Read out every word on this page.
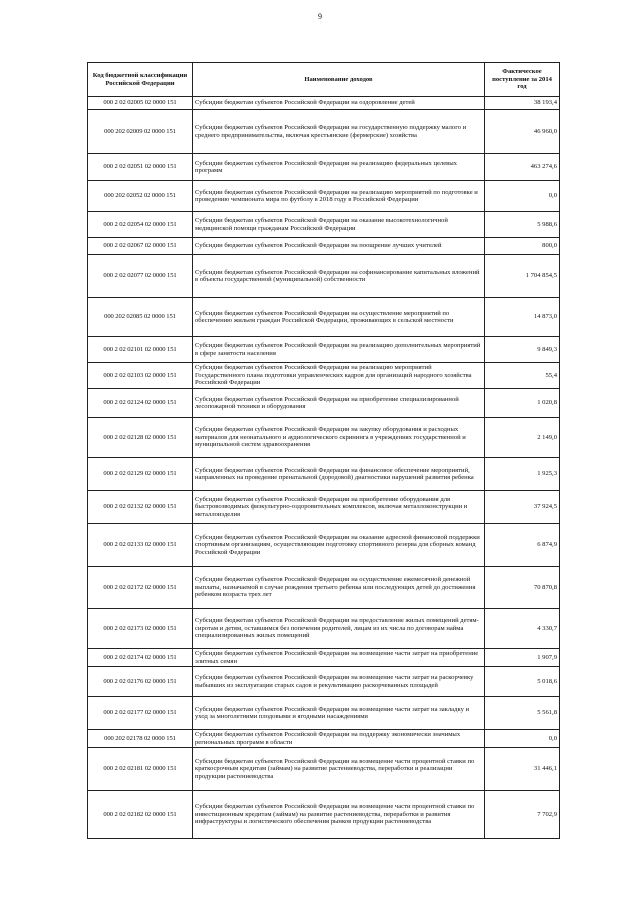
9
Код бюджетной классификации Российской Федерации	Наименование доходов	Фактическое поступление за 2014 год
000 2 02 02005 02 0000 151	Субсидии бюджетам субъектов Российской Федерации на оздоровление детей	38 193,4
000 202 02009 02 0000 151	Субсидии бюджетам субъектов Российской Федерации на государственную поддержку малого и среднего предпринимательства, включая крестьянские (фермерские) хозяйства	46 960,0
000 2 02 02051 02 0000 151	Субсидии бюджетам субъектов Российской Федерации на реализацию федеральных целевых программ	463 274,6
000 202 02052 02 0000 151	Субсидии бюджетам субъектов Российской Федерации на реализацию мероприятий по подготовке и проведению чемпионата мира по футболу в 2018 году в Российской Федерации	0,0
000 2 02 02054 02 0000 151	Субсидии бюджетам субъектов Российской Федерации на оказание высокотехнологичной медицинской помощи гражданам Российской Федерации	5 988,6
000 2 02 02067 02 0000 151	Субсидии бюджетам субъектов Российской Федерации на поощрение лучших учителей	800,0
000 2 02 02077 02 0000 151	Субсидии бюджетам субъектов Российской Федерации на софинансирование капитальных вложений в объекты государственной (муниципальной) собственности	1 704 854,5
000 202 02085 02 0000 151	Субсидии бюджетам субъектов Российской Федерации на осуществление мероприятий по обеспечению жильем граждан Российской Федерации, проживающих в сельской местности	14 873,0
000 2 02 02101 02 0000 151	Субсидии бюджетам субъектов Российской Федерации на реализацию дополнительных мероприятий в сфере занятости населения	9 849,3
000 2 02 02103 02 0000 151	Субсидии бюджетам субъектов Российской Федерации на реализацию мероприятий Государственного плана подготовки управленческих кадров для организаций народного хозяйства Российской Федерации	55,4
000 2 02 02124 02 0000 151	Субсидии бюджетам субъектов Российской Федерации на приобретение специализированной лесопожарной техники и оборудования	1 020,8
000 2 02 02128 02 0000 151	Субсидии бюджетам субъектов Российской Федерации на закупку оборудования и расходных материалов для неонатального и аудиологического скрининга в учреждениях государственной и муниципальной систем здравоохранения	2 149,0
000 2 02 02129 02 0000 151	Субсидии бюджетам субъектов Российской Федерации на финансовое обеспечение мероприятий, направленных на проведение пренатальной (дородовой) диагностики нарушений развития ребенка	1 925,3
000 2 02 02132 02 0000 151	Субсидии бюджетам субъектов Российской Федерации на приобретение оборудования для быстровозводимых физкультурно-оздоровительных комплексов, включая металлоконструкции и металлоизделия	37 924,5
000 2 02 02133 02 0000 151	Субсидии бюджетам субъектов Российской Федерации на оказание адресной финансовой поддержки спортивным организациям, осуществляющим подготовку спортивного резерва для сборных команд Российской Федерации	6 874,9
000 2 02 02172 02 0000 151	Субсидии бюджетам субъектов Российской Федерации на осуществление ежемесячной денежной выплаты, назначаемой в случае рождения третьего ребенка или последующих детей до достижения ребенком возраста трех лет	70 870,8
000 2 02 02173 02 0000 151	Субсидии бюджетам субъектов Российской Федерации на предоставление жилых помещений детям-сиротам и детям, оставшимся без попечения родителей, лицам из их числа по договорам найма специализированных жилых помещений	4 330,7
000 2 02 02174 02 0000 151	Субсидии бюджетам субъектов Российской Федерации на возмещение части затрат на приобретение элитных семян	1 907,9
000 2 02 02176 02 0000 151	Субсидии бюджетам субъектов Российской Федерации на возмещение части затрат на раскорчевку выбывших из эксплуатации старых садов и рекультивацию раскорчеванных площадей	5 018,6
000 2 02 02177 02 0000 151	Субсидии бюджетам субъектов Российской Федерации на возмещение части затрат на закладку и уход за многолетними плодовыми и ягодными насаждениями	5 561,8
000 202 02178 02 0000 151	Субсидии бюджетам субъектов Российской Федерации на поддержку экономически значимых региональных программ в области	0,0
000 2 02 02181 02 0000 151	Субсидии бюджетам субъектов Российской Федерации на возмещение части процентной ставки по краткосрочным кредитам (займам) на развитие растениеводства, переработки и реализации продукции растениеводства	31 446,1
000 2 02 02182 02 0000 151	Субсидии бюджетам субъектов Российской Федерации на возмещение части процентной ставки по инвестиционным кредитам (займам) на развитие растениеводства, переработки и развития инфраструктуры и логистического обеспечения рынков продукции растениеводства	7 702,9
